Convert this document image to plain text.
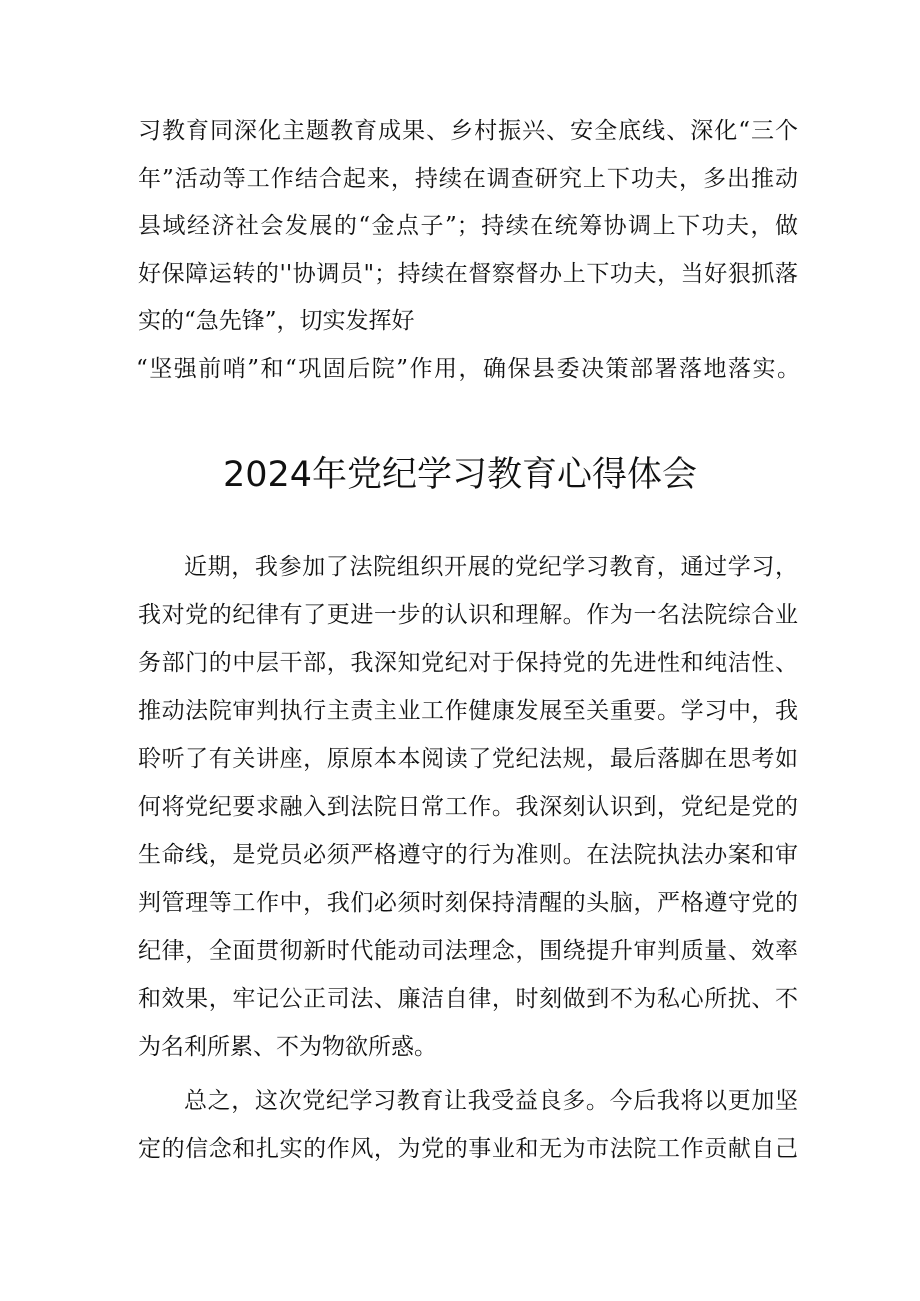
习教育同深化主题教育成果、乡村振兴、安全底线、深化“三个
年”活动等工作结合起来，持续在调查研究上下功夫，多出推动
县域经济社会发展的“金点子”；持续在统筹协调上下功夫，做
好保障运转的''协调员"；持续在督察督办上下功夫，当好狠抓落
实的“急先锋”，切实发挥好
“坚强前哨”和“巩固后院”作用，确保县委决策部署落地落实。
2024年党纪学习教育心得体会
近期，我参加了法院组织开展的党纪学习教育，通过学习，
我对党的纪律有了更进一步的认识和理解。作为一名法院综合业
务部门的中层干部，我深知党纪对于保持党的先进性和纯洁性、
推动法院审判执行主责主业工作健康发展至关重要。学习中，我
聆听了有关讲座，原原本本阅读了党纪法规，最后落脚在思考如
何将党纪要求融入到法院日常工作。我深刻认识到，党纪是党的
生命线，是党员必须严格遵守的行为准则。在法院执法办案和审
判管理等工作中，我们必须时刻保持清醒的头脑，严格遵守党的
纪律，全面贯彻新时代能动司法理念，围绕提升审判质量、效率
和效果，牢记公正司法、廉洁自律，时刻做到不为私心所扰、不
为名利所累、不为物欲所惑。
总之，这次党纪学习教育让我受益良多。今后我将以更加坚
定的信念和扎实的作风，为党的事业和无为市法院工作贡献自己
